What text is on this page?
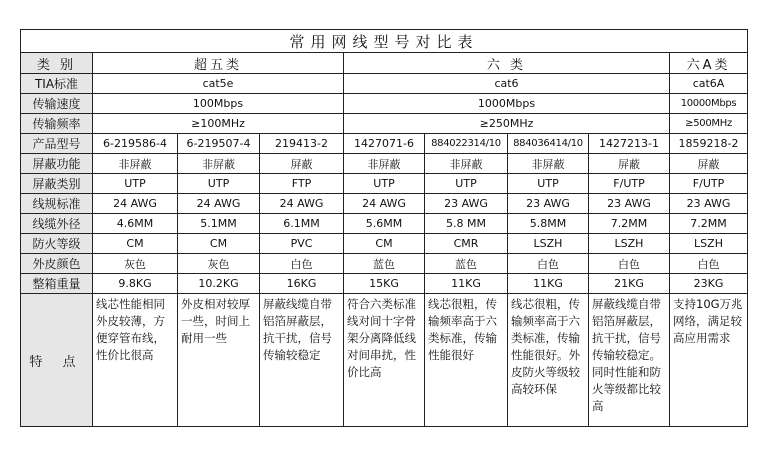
常用网线型号对比表								
类 别	超五类			六 类				六A类
TIA标准	cat5e			cat6				cat6A
传输速度	100Mbps			1000Mbps				10000Mbps
传输频率	≥100MHz			≥250MHz				≥500MHz
产品型号	6-219586-4	6-219507-4	219413-2	1427071-6	884022314/10	884036414/10	1427213-1	1859218-2
屏蔽功能	非屏蔽	非屏蔽	屏蔽	非屏蔽	非屏蔽	非屏蔽	屏蔽	屏蔽
屏蔽类别	UTP	UTP	FTP	UTP	UTP	UTP	F/UTP	F/UTP
线规标准	24 AWG	24 AWG	24 AWG	24 AWG	23 AWG	23 AWG	23 AWG	23 AWG
线缆外径	4.6MM	5.1MM	6.1MM	5.6MM	5.8 MM	5.8MM	7.2MM	7.2MM
防火等级	CM	CM	PVC	CM	CMR	LSZH	LSZH	LSZH
外皮颜色	灰色	灰色	白色	蓝色	蓝色	白色	白色	白色
整箱重量	9.8KG	10.2KG	16KG	15KG	11KG	11KG	21KG	23KG
特 点	线芯性能相同外皮较薄，方便穿管布线，性价比很高	外皮相对较厚一些，时间上耐用一些	屏蔽线缆自带铝箔屏蔽层，抗干扰，信号传输较稳定	符合六类标准线对间十字骨架分离降低线对间串扰，性价比高	线芯很粗，传输频率高于六类标准，传输性能很好	线芯很粗，传输频率高于六类标准，传输性能很好。外皮防火等级较高较环保	屏蔽线缆自带铝箔屏蔽层，抗干扰，信号传输较稳定。同时性能和防火等级都比较高	支持10G万兆网络，满足较高应用需求
